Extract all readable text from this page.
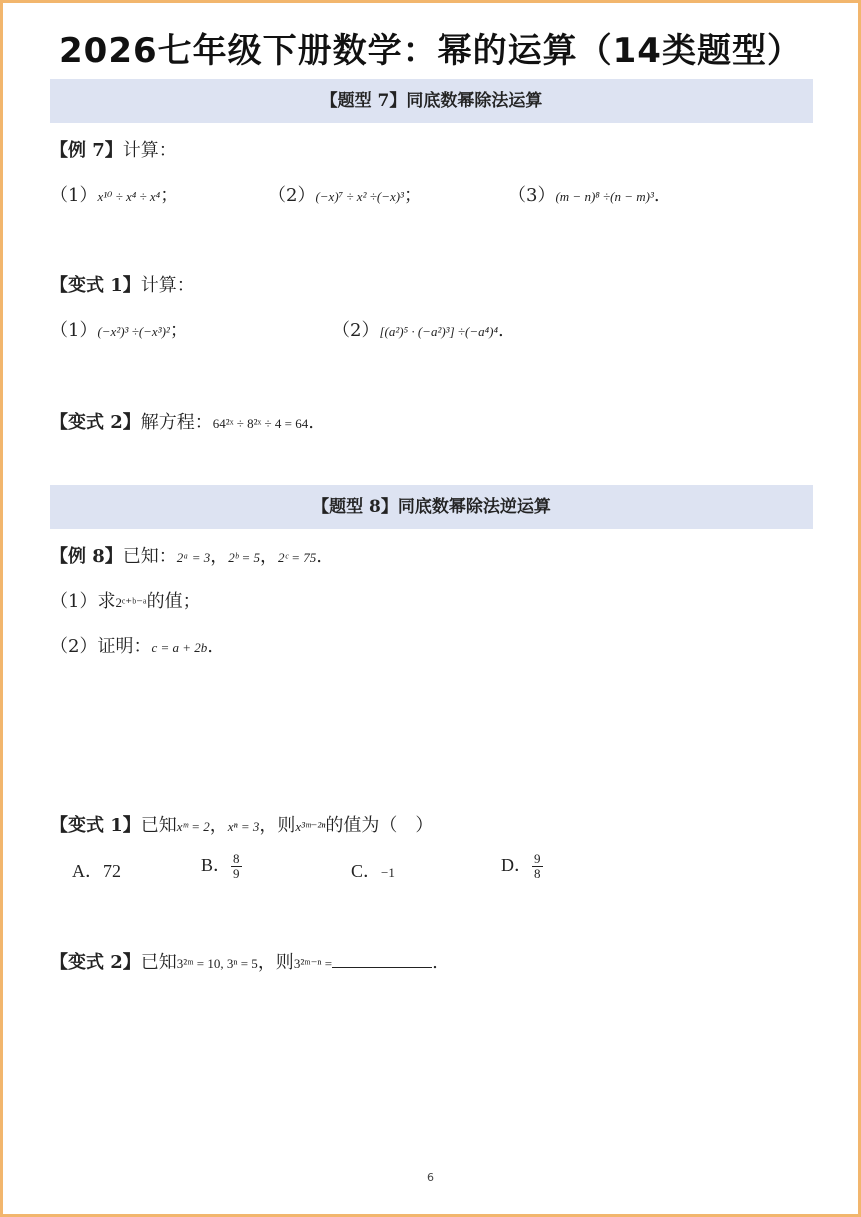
2026七年级下册数学：幂的运算（14类题型）
【题型 7】同底数幂除法运算
【例 7】计算：
（1）x¹⁰ ÷ x⁴ ÷ x⁴；	（2）(−x)⁷ ÷ x² ÷(−x)³；	（3）(m − n)⁸ ÷(n − m)³.
【变式 1】计算：
（1）(−x²)³ ÷(−x³)²；	（2）[(a²)⁵ · (−a²)³] ÷(−a⁴)⁴.
【变式 2】解方程：64²ˣ ÷ 8²ˣ ÷ 4 = 64.
【题型 8】同底数幂除法逆运算
【例 8】已知：2ᵃ = 3，2ᵇ = 5，2ᶜ = 75.
（1）求2ᶜ⁺ᵇ⁻ᵃ的值；
（2）证明：c = a + 2b.
【变式 1】已知xᵐ = 2，xⁿ = 3，则x³ᵐ⁻²ⁿ的值为（　）
A．72	B． $\frac{8}{9}$	C．−1	D． $\frac{9}{8}$
【变式 2】已知3²ᵐ = 10, 3ⁿ = 5，则3²ᵐ⁻ⁿ =	.
6
